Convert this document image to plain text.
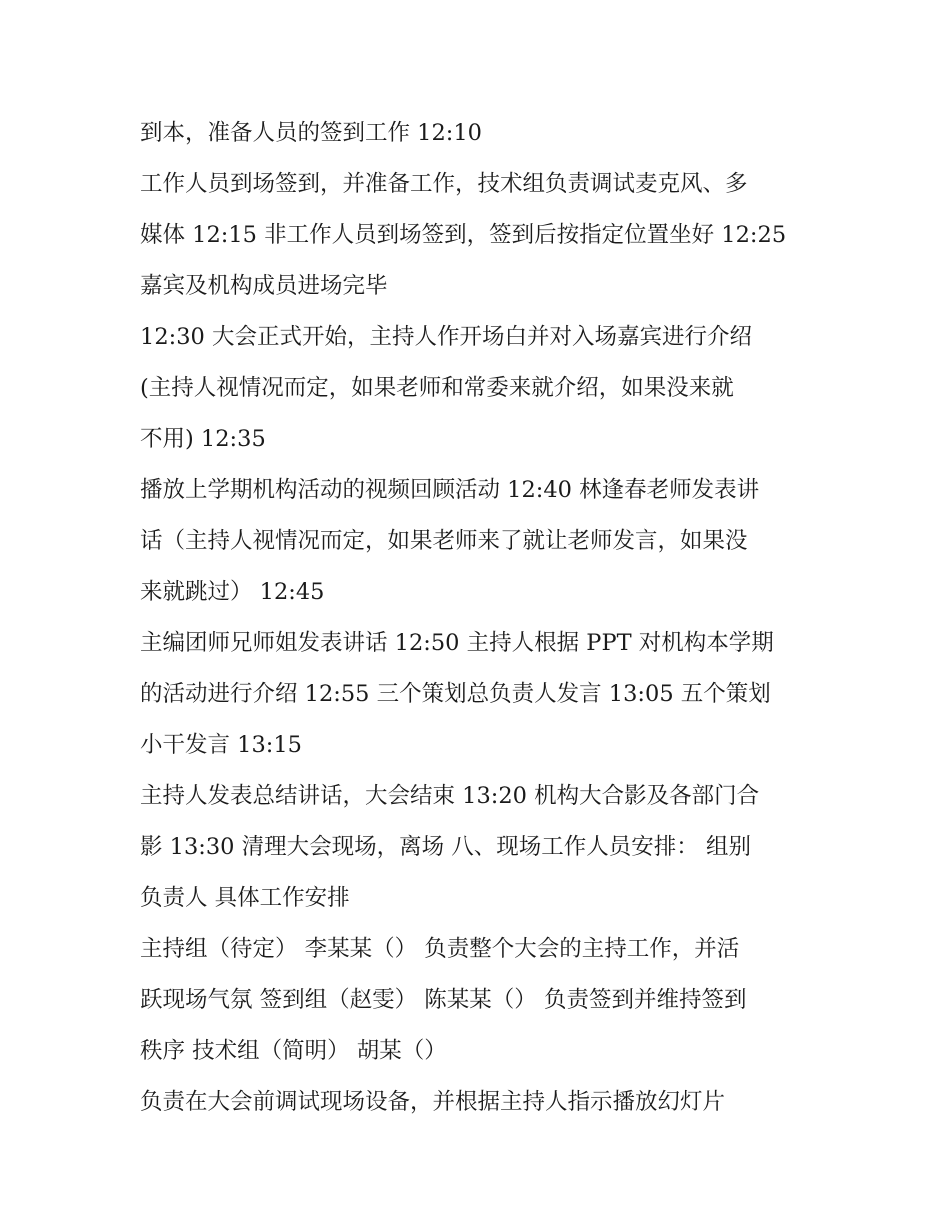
到本，准备人员的签到工作 12:10

工作人员到场签到，并准备工作，技术组负责调试麦克风、多
媒体 12:15 非工作人员到场签到，签到后按指定位置坐好 12:25
嘉宾及机构成员进场完毕

12:30 大会正式开始，主持人作开场白并对入场嘉宾进行介绍
(主持人视情况而定，如果老师和常委来就介绍，如果没来就
不用) 12:35

播放上学期机构活动的视频回顾活动 12:40 林逢春老师发表讲
话（主持人视情况而定，如果老师来了就让老师发言，如果没
来就跳过） 12:45

主编团师兄师姐发表讲话 12:50 主持人根据 PPT 对机构本学期
的活动进行介绍 12:55 三个策划总负责人发言 13:05 五个策划
小干发言 13:15

主持人发表总结讲话，大会结束 13:20 机构大合影及各部门合
影 13:30 清理大会现场，离场 八、现场工作人员安排： 组别
负责人 具体工作安排

主持组（待定） 李某某（） 负责整个大会的主持工作，并活
跃现场气氛 签到组（赵雯） 陈某某（） 负责签到并维持签到
秩序 技术组（简明） 胡某（）

负责在大会前调试现场设备，并根据主持人指示播放幻灯片
